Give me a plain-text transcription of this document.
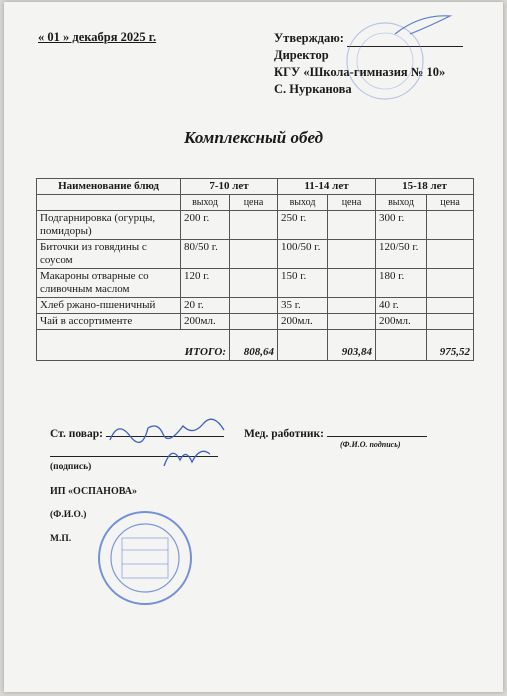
« 01 » декабря 2025 г.	Утверждаю:
Директор
КГУ «Школа-гимназия № 10»
С. Нурканова
Комплексный обед
Наименование блюд	7-10 лет		11-14 лет		15-18 лет	
	выход	цена	выход	цена	выход	цена
Подгарнировка (огурцы, помидоры)	200 г.		250 г.		300 г.	
Биточки из говядины с соусом	80/50 г.		100/50 г.		120/50 г.	
Макароны отварные со сливочным маслом	120 г.		150 г.		180 г.	
Хлеб ржано-пшеничный	20 г.		35 г.		40 г.	
Чай в ассортименте	200мл.		200мл.		200мл.	
ИТОГО:		808,64		903,84		975,52
Ст. повар:	Мед. работник:
(Ф.И.О. подпись)
(подпись)
ИП «ОСПАНОВА»
(Ф.И.О.)
М.П.
